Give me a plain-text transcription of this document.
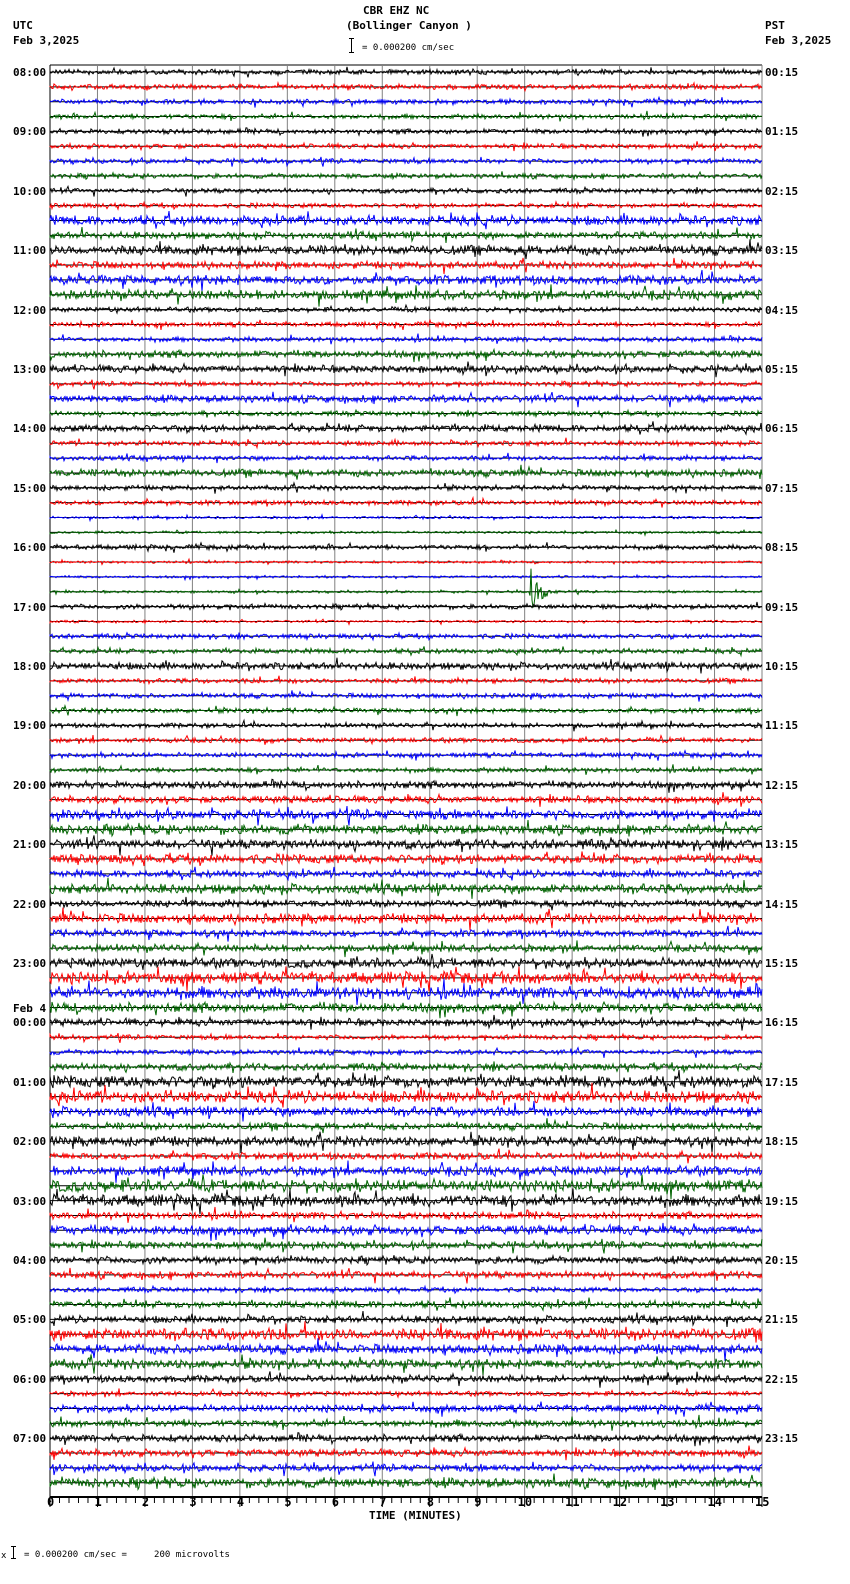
CBR EHZ NC
(Bollinger Canyon )
UTC
Feb 3,2025
PST
Feb 3,2025
= 0.000200 cm/sec
08:00
09:00
10:00
11:00
12:00
13:00
14:00
15:00
16:00
17:00
18:00
19:00
20:00
21:00
22:00
23:00
00:00
01:00
02:00
03:00
04:00
05:00
06:00
07:00
00:15
01:15
02:15
03:15
04:15
05:15
06:15
07:15
08:15
09:15
10:15
11:15
12:15
13:15
14:15
15:15
16:15
17:15
18:15
19:15
20:15
21:15
22:15
23:15
Feb 4
TIME (MINUTES)
0	1	2	3	4	5	6	7	8	9	10	11	12	13	14	15
x = 0.000200 cm/sec =     200 microvolts
